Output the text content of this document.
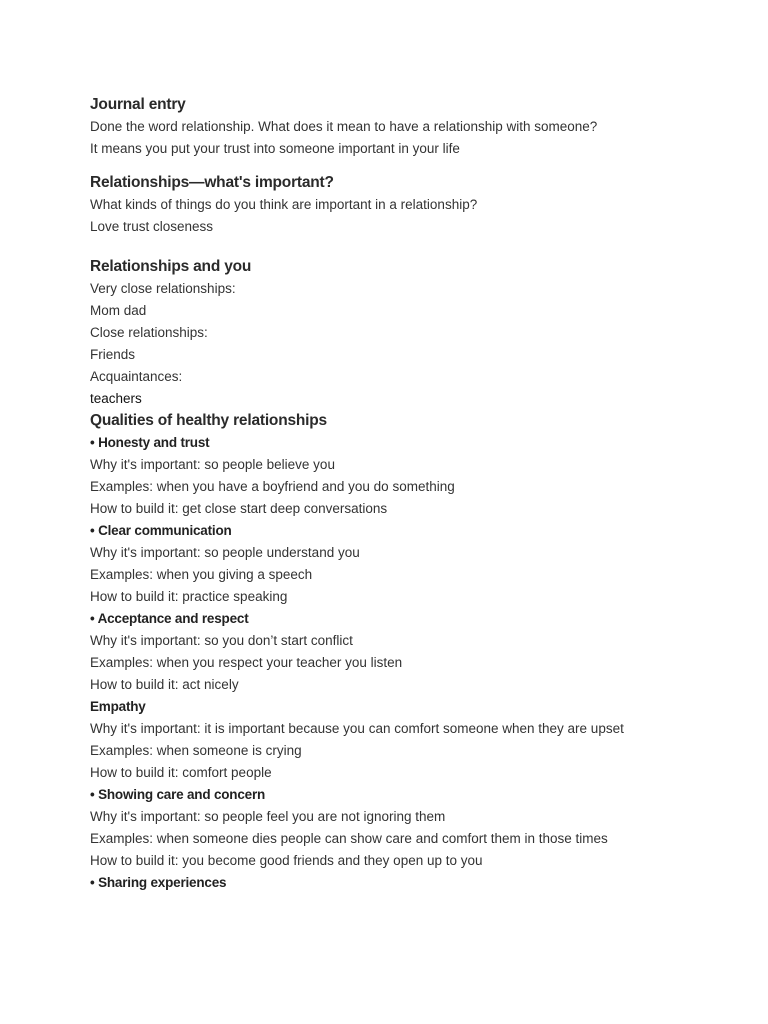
Journal entry
Done the word relationship. What does it mean to have a relationship with someone?
It means you put your trust into someone important in your life
Relationships—what's important?
What kinds of things do you think are important in a relationship?
Love trust closeness
Relationships and you
Very close relationships:
Mom dad
Close relationships:
Friends
Acquaintances:
teachers
Qualities of healthy relationships
• Honesty and trust
Why it's important: so people believe you
Examples: when you have a boyfriend and you do something
How to build it: get close start deep conversations
• Clear communication
Why it's important: so people understand you
Examples: when you giving a speech
How to build it: practice speaking
• Acceptance and respect
Why it's important: so you don’t start conflict
Examples: when you respect your teacher you listen
How to build it: act nicely
Empathy
Why it's important: it is important because you can comfort someone when they are upset
Examples: when someone is crying
How to build it: comfort people
• Showing care and concern
Why it's important: so people feel you are not ignoring them
Examples: when someone dies people can show care and comfort them in those times
How to build it: you become good friends and they open up to you
• Sharing experiences
